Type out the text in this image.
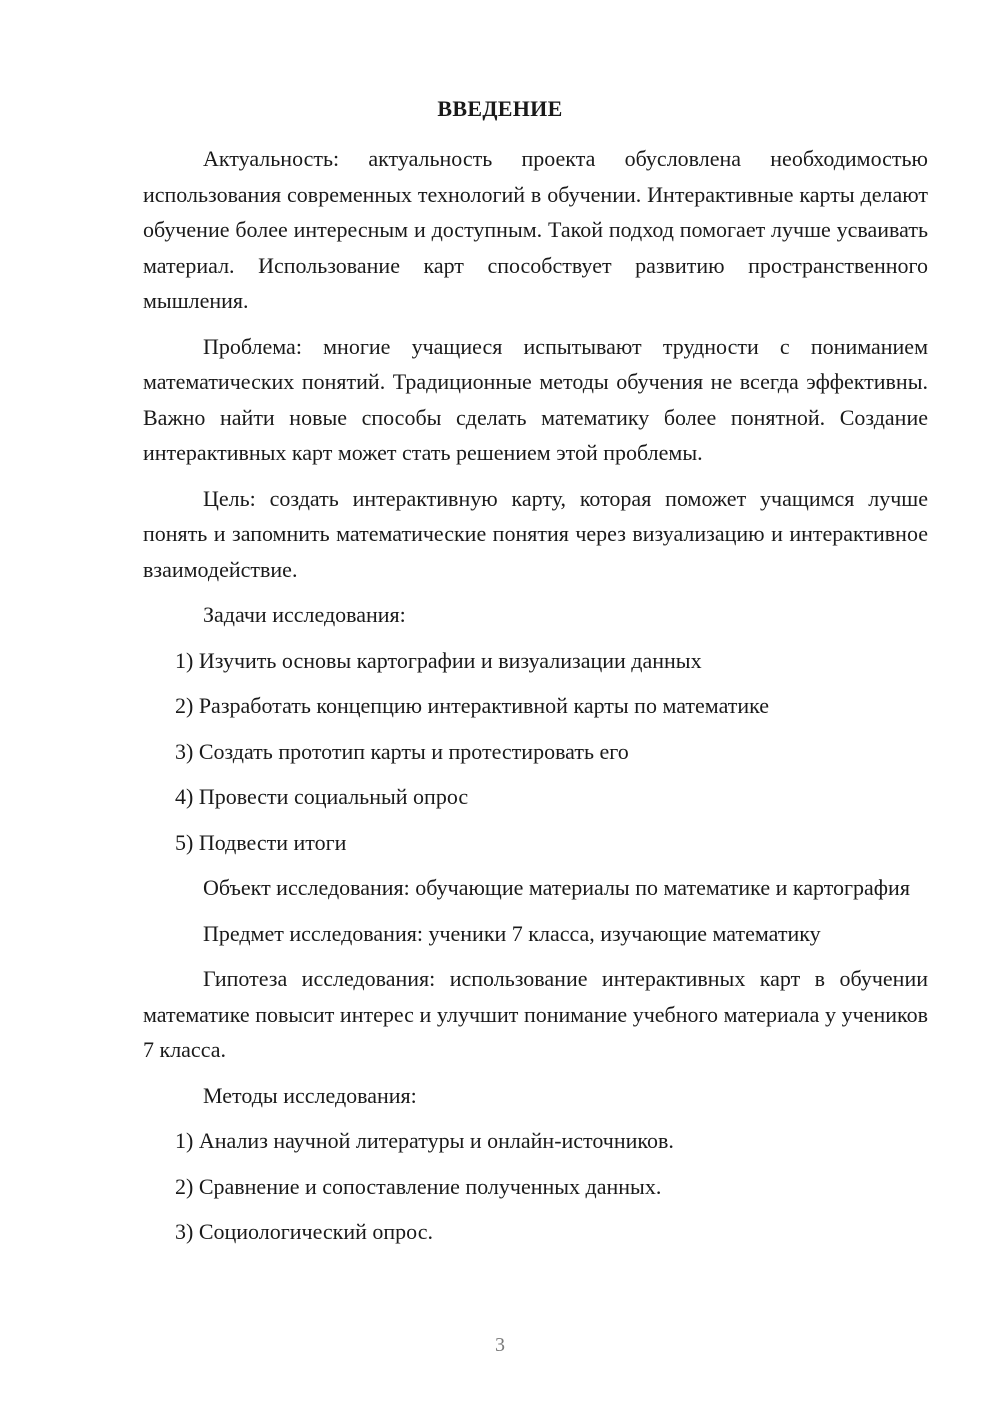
ВВЕДЕНИЕ

Актуальность: актуальность проекта обусловлена необходимостью использования современных технологий в обучении. Интерактивные карты делают обучение более интересным и доступным. Такой подход помогает лучше усваивать материал. Использование карт способствует развитию пространственного мышления.

Проблема: многие учащиеся испытывают трудности с пониманием математических понятий. Традиционные методы обучения не всегда эффективны. Важно найти новые способы сделать математику более понятной. Создание интерактивных карт может стать решением этой проблемы.

Цель: создать интерактивную карту, которая поможет учащимся лучше понять и запомнить математические понятия через визуализацию и интерактивное взаимодействие.

Задачи исследования:

1) Изучить основы картографии и визуализации данных

2) Разработать концепцию интерактивной карты по математике

3) Создать прототип карты и протестировать его

4) Провести социальный опрос

5) Подвести итоги

Объект исследования: обучающие материалы по математике и картография

Предмет исследования: ученики 7 класса, изучающие математику

Гипотеза исследования: использование интерактивных карт в обучении математике повысит интерес и улучшит понимание учебного материала у учеников 7 класса.

Методы исследования:

1) Анализ научной литературы и онлайн-источников.

2) Сравнение и сопоставление полученных данных.

3) Социологический опрос.

3
